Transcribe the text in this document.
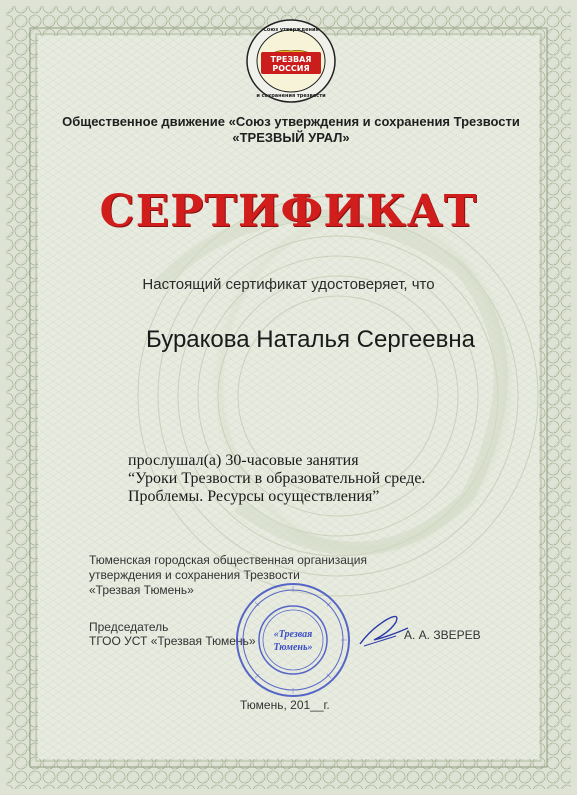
ТРЕЗВАЯ
РОССИЯ
Союз утверждения
и сохранения трезвости
Общественное движение «Союз утверждения и сохранения Трезвости
«ТРЕЗВЫЙ УРАЛ»
СЕРТИФИКАТ
Настоящий сертификат удостоверяет, что
Буракова Наталья Сергеевна
прослушал(а) 30-часовые занятия
“Уроки Трезвости в образовательной среде.
Проблемы. Ресурсы осуществления”
Тюменская городская общественная организация
утверждения и сохранения Трезвости
«Трезвая Тюмень»
Председатель
ТГОО УСТ «Трезвая Тюмень» «Трезвая
Тюмень»
А. А. ЗВЕРЕВ
Тюмень, 201__г.
